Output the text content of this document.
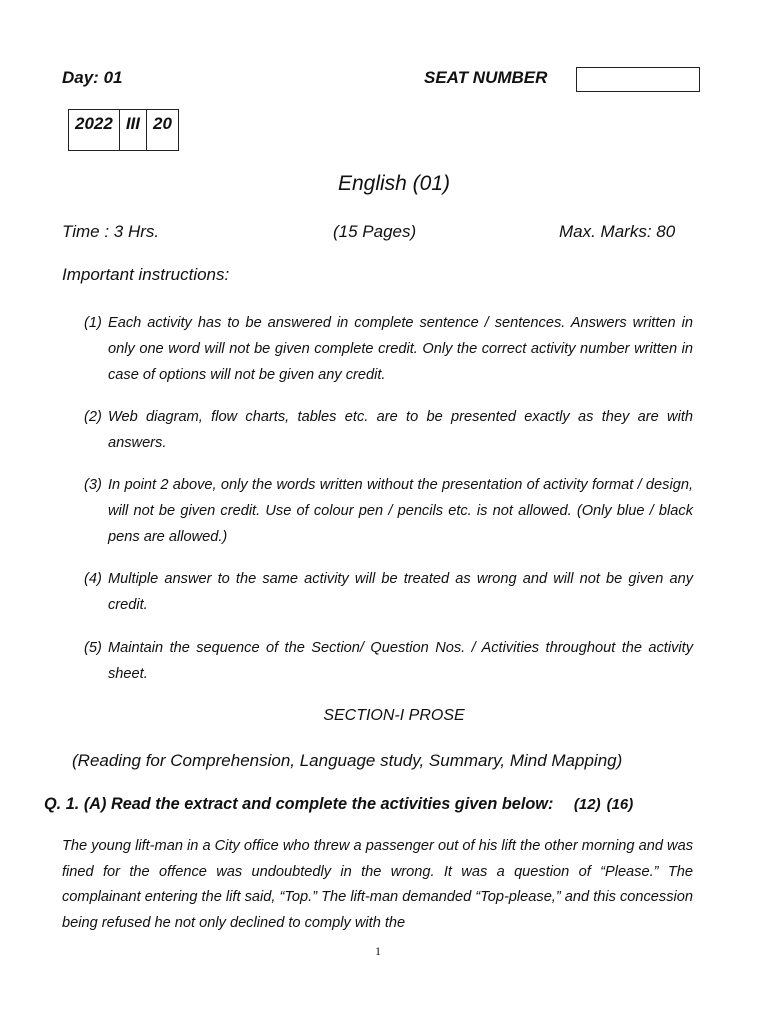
Day: 01	SEAT NUMBER
2022	III	20
English (01)
Time : 3 Hrs.	(15 Pages)	Max. Marks: 80
Important instructions:
(1) Each activity has to be answered in complete sentence / sentences. Answers written in only one word will not be given complete credit. Only the correct activity number written in case of options will not be given any credit.
(2) Web diagram, flow charts, tables etc. are to be presented exactly as they are with answers.
(3) In point 2 above, only the words written without the presentation of activity format / design, will not be given credit. Use of colour pen / pencils etc. is not allowed. (Only blue / black pens are allowed.)
(4) Multiple answer to the same activity will be treated as wrong and will not be given any credit.
(5) Maintain the sequence of the Section/ Question Nos. / Activities throughout the activity sheet.
SECTION-I PROSE
(Reading for Comprehension, Language study, Summary, Mind Mapping)
Q. 1. (A) Read the extract and complete the activities given below: (12) (16)
The young lift-man in a City office who threw a passenger out of his lift the other morning and was fined for the offence was undoubtedly in the wrong. It was a question of “Please.” The complainant entering the lift said, “Top.” The lift-man demanded “Top-please,” and this concession being refused he not only declined to comply with the
1
